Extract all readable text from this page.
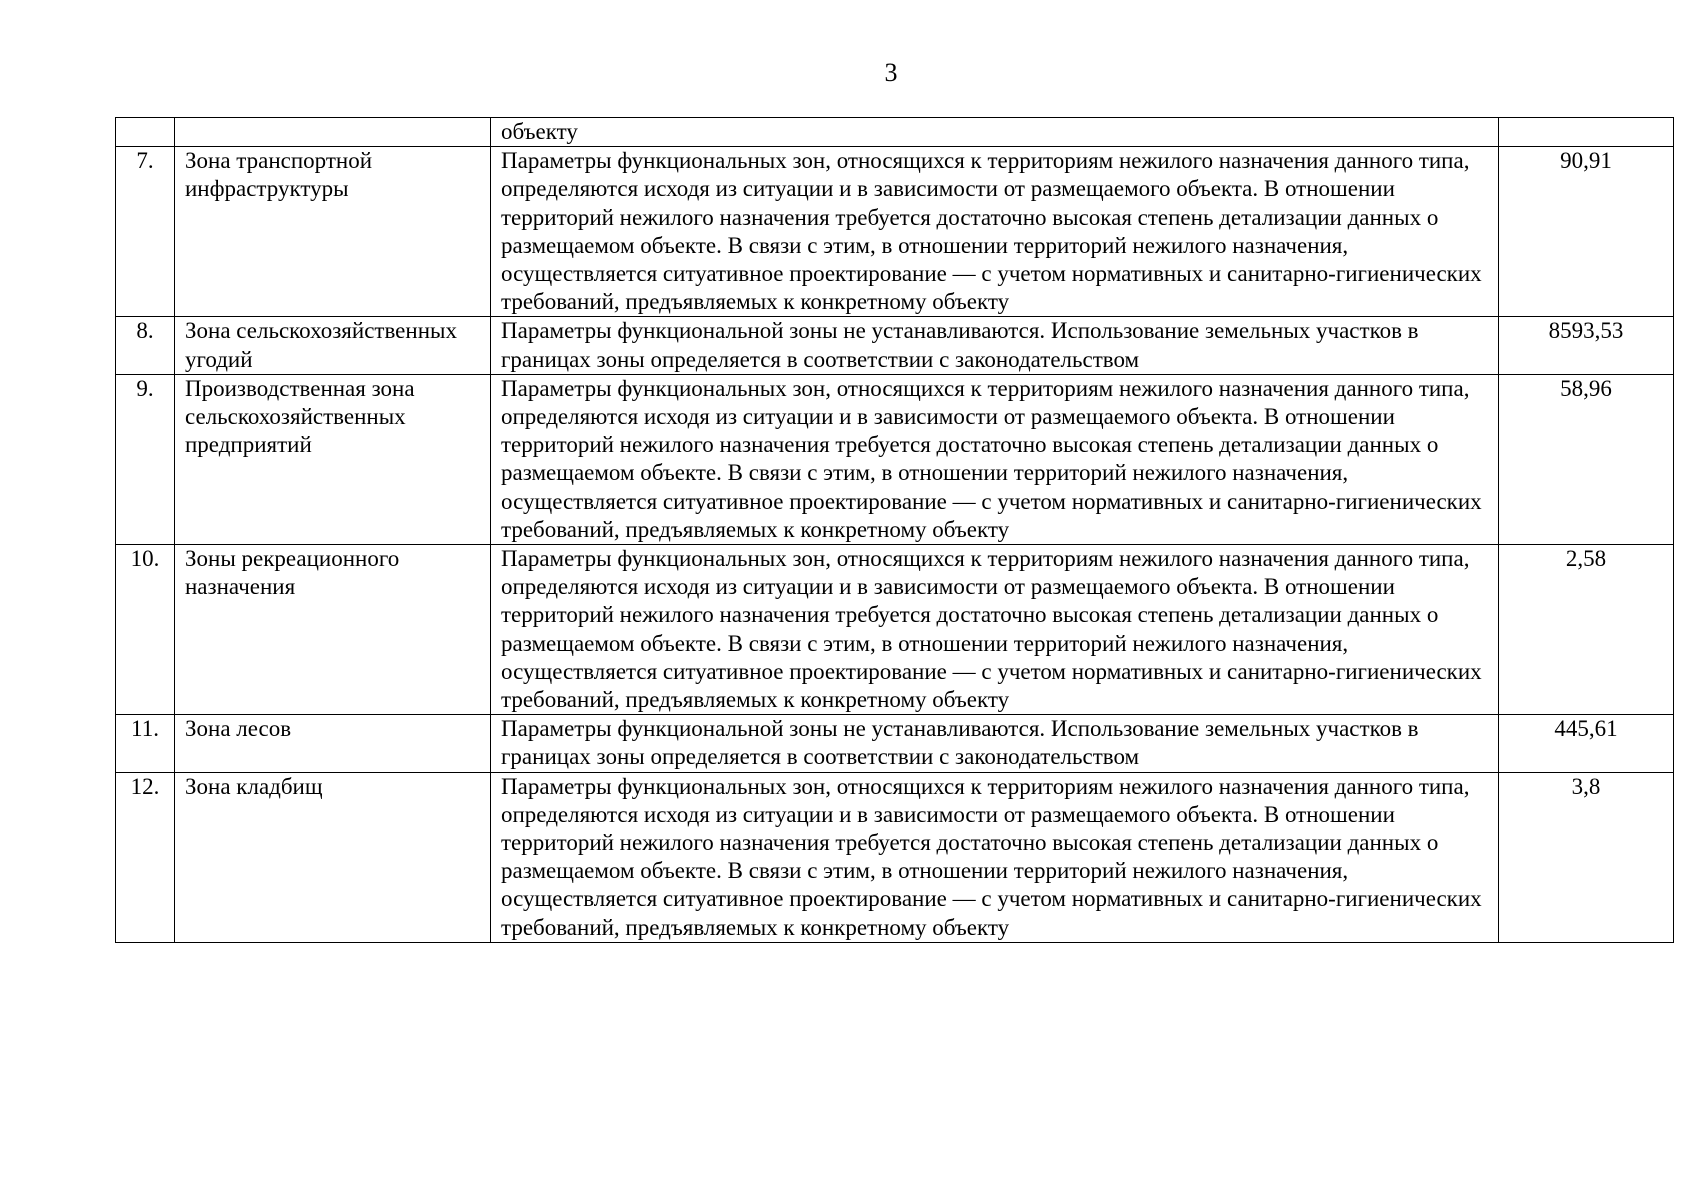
3
		объекту	
7.	Зона транспортной инфраструктуры	Параметры функциональных зон, относящихся к территориям нежилого назначения данного типа, определяются исходя из ситуации и в зависимости от размещаемого объекта. В отношении территорий нежилого назначения требуется достаточно высокая степень детализации данных о размещаемом объекте. В связи с этим, в отношении территорий нежилого назначения, осуществляется ситуативное проектирование — с учетом нормативных и санитарно-гигиенических требований, предъявляемых к конкретному объекту	90,91
8.	Зона сельскохозяйственных угодий	Параметры функциональной зоны не устанавливаются. Использование земельных участков в границах зоны определяется в соответствии с законодательством	8593,53
9.	Производственная зона сельскохозяйственных предприятий	Параметры функциональных зон, относящихся к территориям нежилого назначения данного типа, определяются исходя из ситуации и в зависимости от размещаемого объекта. В отношении территорий нежилого назначения требуется достаточно высокая степень детализации данных о размещаемом объекте. В связи с этим, в отношении территорий нежилого назначения, осуществляется ситуативное проектирование — с учетом нормативных и санитарно-гигиенических требований, предъявляемых к конкретному объекту	58,96
10.	Зоны рекреационного назначения	Параметры функциональных зон, относящихся к территориям нежилого назначения данного типа, определяются исходя из ситуации и в зависимости от размещаемого объекта. В отношении территорий нежилого назначения требуется достаточно высокая степень детализации данных о размещаемом объекте. В связи с этим, в отношении территорий нежилого назначения, осуществляется ситуативное проектирование — с учетом нормативных и санитарно-гигиенических требований, предъявляемых к конкретному объекту	2,58
11.	Зона лесов	Параметры функциональной зоны не устанавливаются. Использование земельных участков в границах зоны определяется в соответствии с законодательством	445,61
12.	Зона кладбищ	Параметры функциональных зон, относящихся к территориям нежилого назначения данного типа, определяются исходя из ситуации и в зависимости от размещаемого объекта. В отношении территорий нежилого назначения требуется достаточно высокая степень детализации данных о размещаемом объекте. В связи с этим, в отношении территорий нежилого назначения, осуществляется ситуативное проектирование — с учетом нормативных и санитарно-гигиенических требований, предъявляемых к конкретному объекту	3,8
